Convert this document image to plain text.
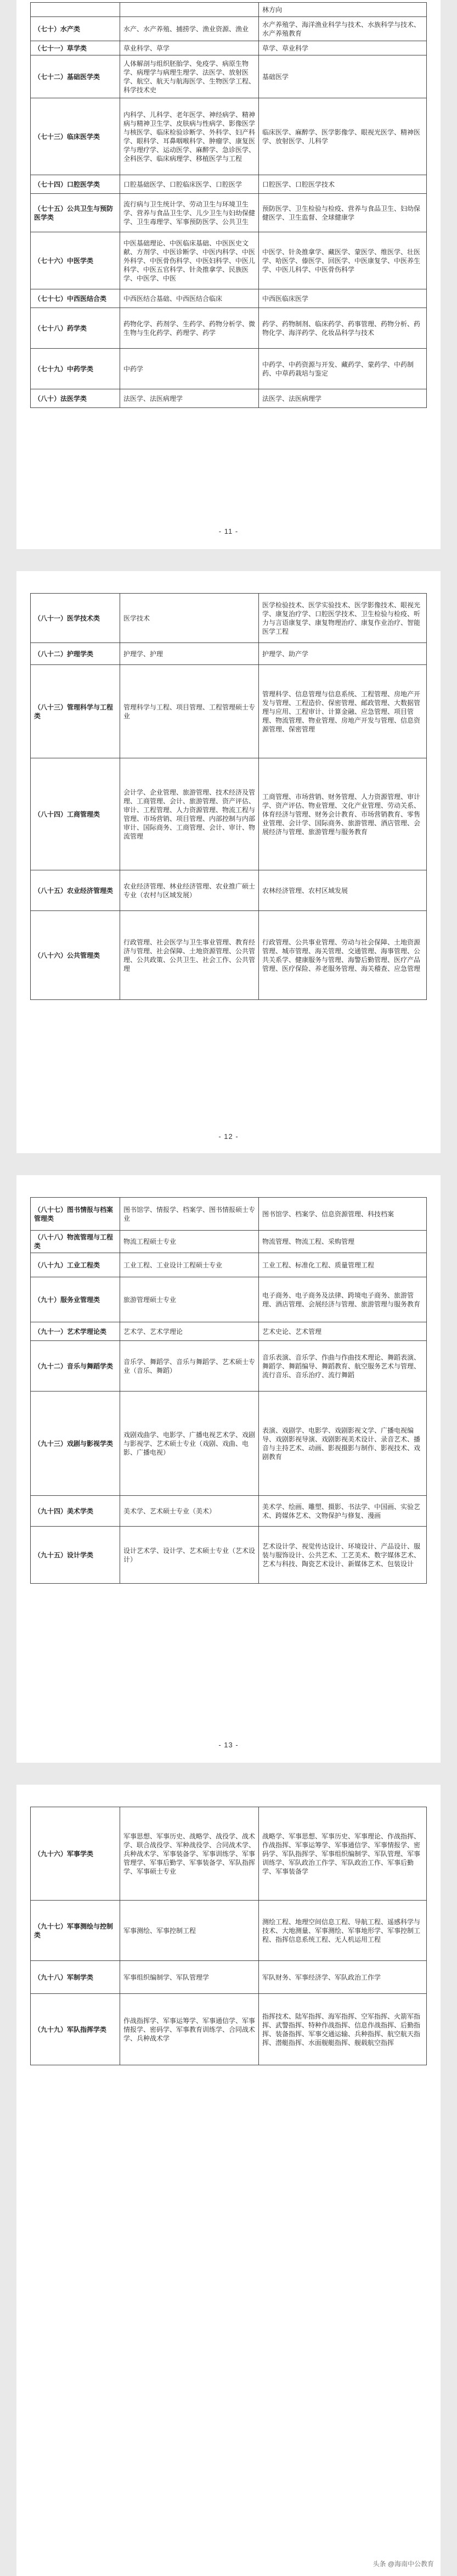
		林方向
（七十）水产类	水产、水产养殖、捕捞学、渔业资源、渔业	水产养殖学、海洋渔业科学与技术、水族科学与技术、水产养殖教育
（七十一）草学类	草业科学、草学	草学、草业科学
（七十二）基础医学类	人体解剖与组织胚胎学、免疫学、病原生物学、病理学与病理生理学、法医学、放射医学、航空、航天与航海医学、生物医学工程、科学技术史	基础医学
（七十三）临床医学类	内科学、儿科学、老年医学、神经病学、精神病与精神卫生学、皮肤病与性病学、影像医学与核医学、临床检验诊断学、外科学、妇产科学、眼科学、耳鼻咽喉科学、肿瘤学、康复医学与理疗学、运动医学、麻醉学、急诊医学、全科医学、临床病理学、移植医学与工程	临床医学、麻醉学、医学影像学、眼视光医学、精神医学、放射医学、儿科学
（七十四）口腔医学类	口腔基础医学、口腔临床医学、口腔医学	口腔医学、口腔医学技术
（七十五）公共卫生与预防医学类	流行病与卫生统计学、劳动卫生与环境卫生学、营养与食品卫生学、儿少卫生与妇幼保健学、卫生毒理学、军事预防医学、公共卫生	预防医学、卫生检验与检疫、营养与食品卫生、妇幼保健医学、卫生监督、全球健康学
（七十六）中医学类	中医基础理论、中医临床基础、中医医史文献、方剂学、中医诊断学、中医内科学、中医外科学、中医骨伤科学、中医妇科学、中医儿科学、中医五官科学、针灸推拿学、民族医学、中医学、中医	中医学、针灸推拿学、藏医学、蒙医学、维医学、壮医学、哈医学、傣医学、回医学、中医康复学、中医养生学、中医儿科学、中医骨伤科学
（七十七）中西医结合类	中西医结合基础、中西医结合临床	中西医临床医学
（七十八）药学类	药物化学、药剂学、生药学、药物分析学、微生物与生化药学、药理学、药学	药学、药物制剂、临床药学、药事管理、药物分析、药物化学、海洋药学、化妆品科学与技术
（七十九）中药学类	中药学	中药学、中药资源与开发、藏药学、蒙药学、中药制药、中草药栽培与鉴定
（八十）法医学类	法医学、法医病理学	法医学、法医病理学
- 11 -
（八十一）医学技术类	医学技术	医学检验技术、医学实验技术、医学影像技术、眼视光学、康复治疗学、口腔医学技术、卫生检验与检疫、听力与言语康复学、康复物理治疗、康复作业治疗、智能医学工程
（八十二）护理学类	护理学、护理	护理学、助产学
（八十三）管理科学与工程类	管理科学与工程、项目管理、工程管理硕士专业	管理科学、信息管理与信息系统、工程管理、房地产开发与管理、工程造价、保密管理、邮政管理、大数据管理与应用、工程审计、计算金融、应急管理、项目管理、物流管理、物业管理、房地产开发与管理、信息资源管理、保密管理
（八十四）工商管理类	会计学、企业管理、旅游管理、技术经济及管理、工商管理、会计、旅游管理、资产评估、审计、工程管理、人力资源管理、物流工程与管理、市场营销、项目管理、内部控制与内部审计、国际商务、工商管理、会计、审计、物流管理	工商管理、市场营销、财务管理、人力资源管理、审计学、资产评估、物业管理、文化产业管理、劳动关系、体育经济与管理、财务会计教育、市场营销教育、零售业管理、会计学、国际商务、旅游管理、酒店管理、会展经济与管理、旅游管理与服务教育
（八十五）农业经济管理类	农业经济管理、林业经济管理、农业推广硕士专业（农村与区域发展）	农林经济管理、农村区域发展
（八十六）公共管理类	行政管理、社会医学与卫生事业管理、教育经济与管理、社会保障、土地资源管理、公共管理、公共政策、公共卫生、社会工作、公共管理	行政管理、公共事业管理、劳动与社会保障、土地资源管理、城市管理、海关管理、交通管理、海事管理、公共关系学、健康服务与管理、海警后勤管理、医疗产品管理、医疗保险、养老服务管理、海关稽查、应急管理
- 12 -
（八十七）图书情报与档案管理类	图书馆学、情报学、档案学、图书情报硕士专业	图书馆学、档案学、信息资源管理、科技档案
（八十八）物流管理与工程类	物流工程硕士专业	物流管理、物流工程、采购管理
（八十九）工业工程类	工业工程、工业设计工程硕士专业	工业工程、标准化工程、质量管理工程
（九十）服务业管理类	旅游管理硕士专业	电子商务、电子商务及法律、跨境电子商务、旅游管理、酒店管理、会展经济与管理、旅游管理与服务教育
（九十一）艺术学理论类	艺术学、艺术学理论	艺术史论、艺术管理
（九十二）音乐与舞蹈学类	音乐学、舞蹈学、音乐与舞蹈学、艺术硕士专业（音乐、舞蹈）	音乐表演、音乐学、作曲与作曲技术理论、舞蹈表演、舞蹈学、舞蹈编导、舞蹈教育、航空服务艺术与管理、流行音乐、音乐治疗、流行舞蹈
（九十三）戏剧与影视学类	戏剧戏曲学、电影学、广播电视艺术学、戏剧与影视学、艺术硕士专业（戏剧、戏曲、电影、广播电视）	表演、戏剧学、电影学、戏剧影视文学、广播电视编导、戏剧影视导演、戏剧影视美术设计、录音艺术、播音与主持艺术、动画、影视摄影与制作、影视技术、戏剧教育
（九十四）美术学类	美术学、艺术硕士专业（美术）	美术学、绘画、雕塑、摄影、书法学、中国画、实验艺术、跨媒体艺术、文物保护与修复、漫画
（九十五）设计学类	设计艺术学、设计学、艺术硕士专业（艺术设计）	艺术设计学、视觉传达设计、环境设计、产品设计、服装与服饰设计、公共艺术、工艺美术、数字媒体艺术、艺术与科技、陶瓷艺术设计、新媒体艺术、包装设计
- 13 -
（九十六）军事学类	军事思想、军事历史、战略学、战役学、战术学、联合战役学、军种战役学、合同战术学、兵种战术学、军事装备学、军事训练学、军事管理学、军事后勤学、军事装备学、军队指挥学、军事硕士专业	战略学、军事思想、军事历史、军事理论、作战指挥、作战指挥、军事运筹学、军事通信学、军事情报学、密码学、军队指挥学、军事组织编制学、军队管理、军事训练学、军队政治工作学、军队政治工作、军事后勤学、军事装备学
（九十七）军事测绘与控制类	军事测绘、军事控制工程	测绘工程、地理空间信息工程、导航工程、遥感科学与技术、大地测量、军事测绘、军事地形学、军事控制工程、指挥信息系统工程、无人机运用工程
（九十八）军制学类	军事组织编制学、军队管理学	军队财务、军事经济学、军队政治工作学
（九十九）军队指挥学类	作战指挥学、军事运筹学、军事通信学、军事情报学、密码学、军事教育训练学、合同战术学、兵种战术学	指挥技术、陆军指挥、海军指挥、空军指挥、火箭军指挥、武警指挥、特种作战指挥、信息作战指挥、后勤指挥、装备指挥、军事交通运输、兵种指挥、航空航天指挥、潜艇指挥、水面舰艇指挥、舰载航空指挥
头条 @海南中公教育
